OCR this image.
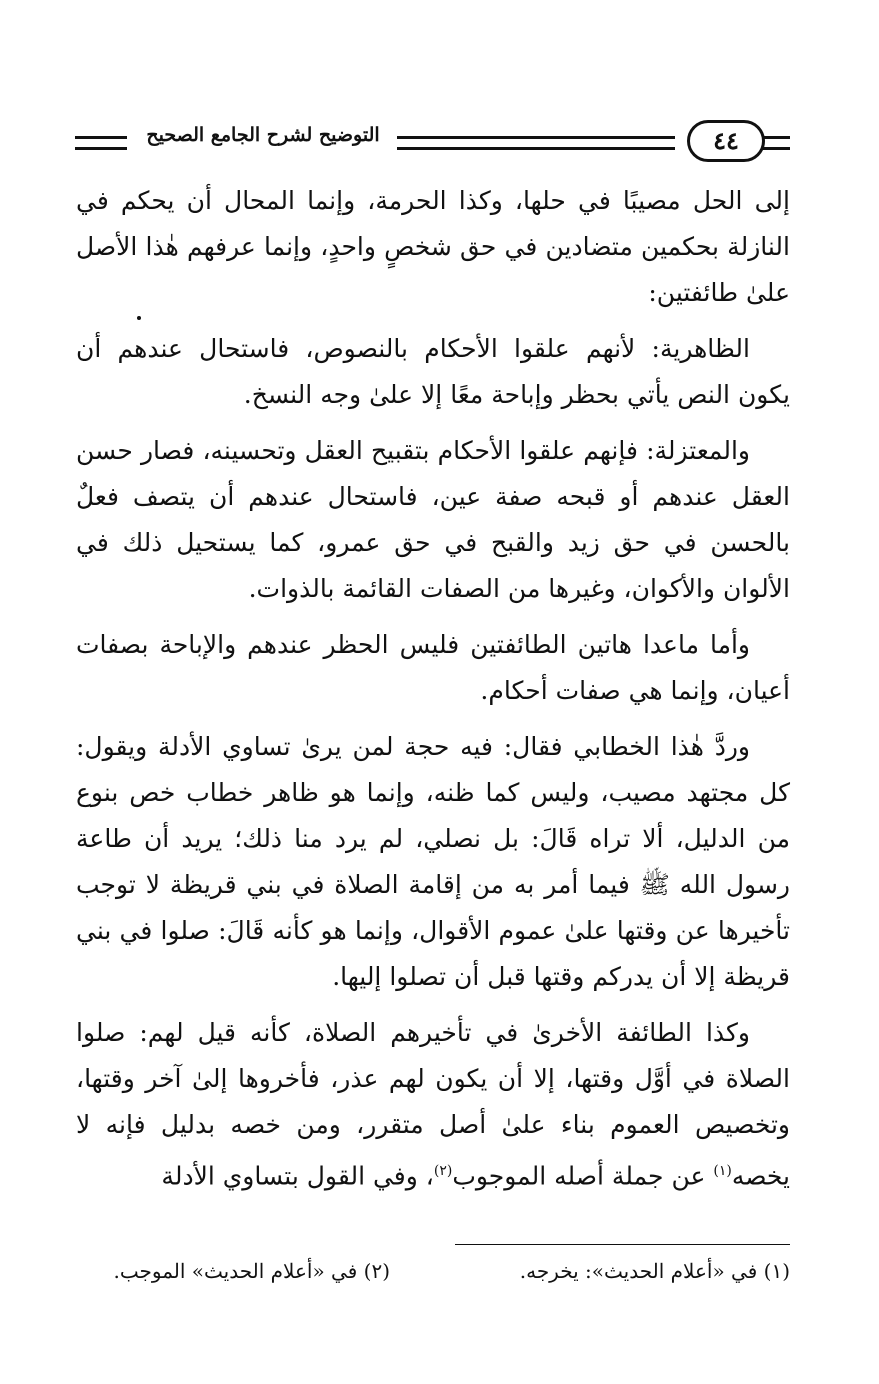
٤٤
التوضيح لشرح الجامع الصحيح

إلى الحل مصيبًا في حلها، وكذا الحرمة، وإنما المحال أن يحكم في النازلة بحكمين متضادين في حق شخصٍ واحدٍ، وإنما عرفهم هٰذا الأصل علىٰ طائفتين:

الظاهرية: لأنهم علقوا الأحكام بالنصوص، فاستحال عندهم أن يكون النص يأتي بحظر وإباحة معًا إلا علىٰ وجه النسخ.

والمعتزلة: فإنهم علقوا الأحكام بتقبيح العقل وتحسينه، فصار حسن العقل عندهم أو قبحه صفة عين، فاستحال عندهم أن يتصف فعلٌ بالحسن في حق زيد والقبح في حق عمرو، كما يستحيل ذلك في الألوان والأكوان، وغيرها من الصفات القائمة بالذوات.

وأما ماعدا هاتين الطائفتين فليس الحظر عندهم والإباحة بصفات أعيان، وإنما هي صفات أحكام.

وردَّ هٰذا الخطابي فقال: فيه حجة لمن يرىٰ تساوي الأدلة ويقول: كل مجتهد مصيب، وليس كما ظنه، وإنما هو ظاهر خطاب خص بنوع من الدليل، ألا تراه قَالَ: بل نصلي، لم يرد منا ذلك؛ يريد أن طاعة رسول الله ﷺ فيما أمر به من إقامة الصلاة في بني قريظة لا توجب تأخيرها عن وقتها علىٰ عموم الأقوال، وإنما هو كأنه قَالَ: صلوا في بني قريظة إلا أن يدركم وقتها قبل أن تصلوا إليها.

وكذا الطائفة الأخرىٰ في تأخيرهم الصلاة، كأنه قيل لهم: صلوا الصلاة في أوَّل وقتها، إلا أن يكون لهم عذر، فأخروها إلىٰ آخر وقتها، وتخصيص العموم بناء علىٰ أصل متقرر، ومن خصه بدليل فإنه لا يخصه$^{(١)}$ عن جملة أصله الموجوب$^{(٢)}$، وفي القول بتساوي الأدلة

(١) في «أعلام الحديث»: يخرجه.
(٢) في «أعلام الحديث» الموجب.
